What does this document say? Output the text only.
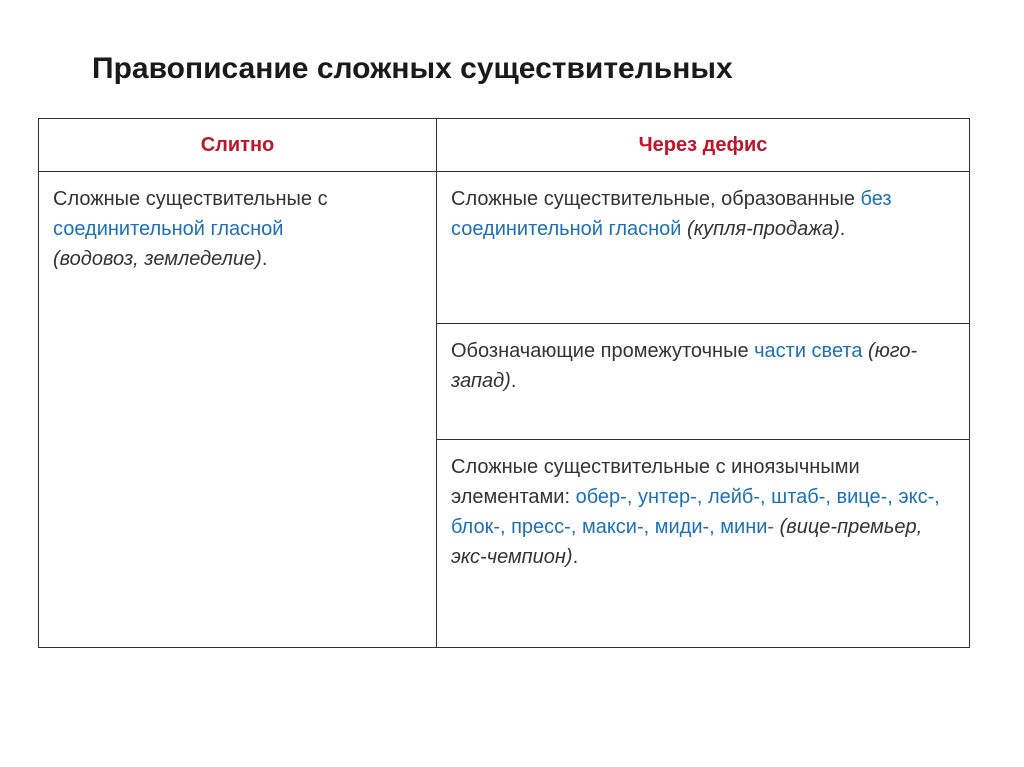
Правописание сложных существительных
Слитно	Через дефис

Сложные существительные с соединительной гласной
(водовоз, земледелие).

Сложные существительные, образованные без соединительной гласной (купля-продажа).

Обозначающие промежуточные части света (юго-запад).

Сложные существительные с иноязычными элементами: обер-, унтер-, лейб-, штаб-, вице-, экс-, блок-, пресс-, макси-, миди-, мини- (вице-премьер, экс-чемпион).
